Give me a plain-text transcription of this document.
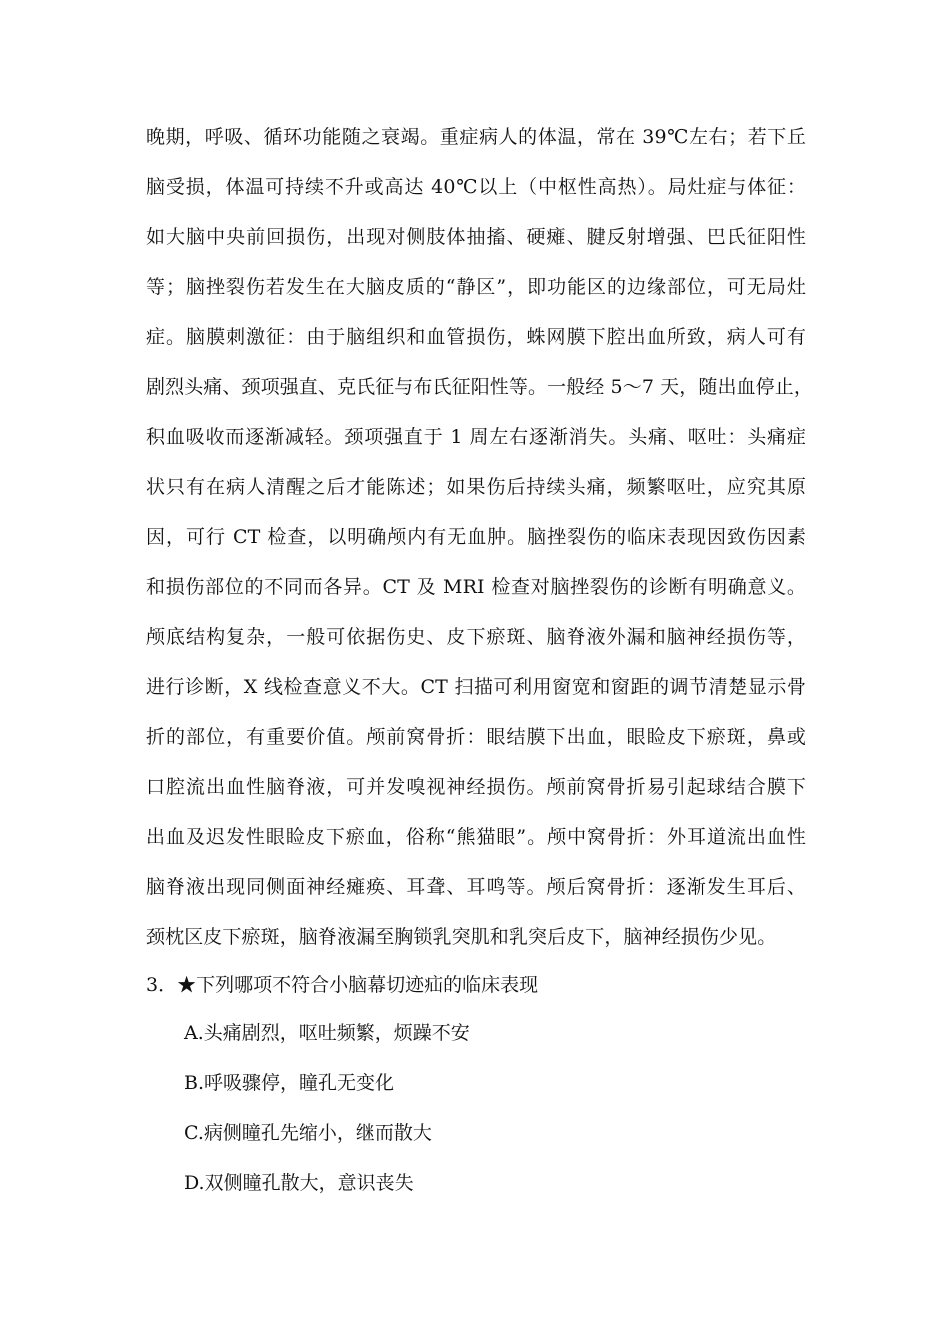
晚期，呼吸、循环功能随之衰竭。重症病人的体温，常在 39℃左右；若下丘
脑受损，体温可持续不升或高达 40℃以上（中枢性高热）。局灶症与体征：
如大脑中央前回损伤，出现对侧肢体抽搐、硬瘫、腱反射增强、巴氏征阳性
等；脑挫裂伤若发生在大脑皮质的“静区”，即功能区的边缘部位，可无局灶
症。脑膜刺激征：由于脑组织和血管损伤，蛛网膜下腔出血所致，病人可有
剧烈头痛、颈项强直、克氏征与布氏征阳性等。一般经 5～7 天，随出血停止，
积血吸收而逐渐减轻。颈项强直于 1 周左右逐渐消失。头痛、呕吐：头痛症
状只有在病人清醒之后才能陈述；如果伤后持续头痛，频繁呕吐，应究其原
因，可行 CT 检查，以明确颅内有无血肿。脑挫裂伤的临床表现因致伤因素
和损伤部位的不同而各异。CT 及 MRI 检查对脑挫裂伤的诊断有明确意义。
颅底结构复杂，一般可依据伤史、皮下瘀斑、脑脊液外漏和脑神经损伤等，
进行诊断，X 线检查意义不大。CT 扫描可利用窗宽和窗距的调节清楚显示骨
折的部位，有重要价值。颅前窝骨折：眼结膜下出血，眼睑皮下瘀斑，鼻或
口腔流出血性脑脊液，可并发嗅视神经损伤。颅前窝骨折易引起球结合膜下
出血及迟发性眼睑皮下瘀血，俗称“熊猫眼”。颅中窝骨折：外耳道流出血性
脑脊液出现同侧面神经瘫痪、耳聋、耳鸣等。颅后窝骨折：逐渐发生耳后、
颈枕区皮下瘀斑，脑脊液漏至胸锁乳突肌和乳突后皮下，脑神经损伤少见。
3．★下列哪项不符合小脑幕切迹疝的临床表现
A.头痛剧烈，呕吐频繁，烦躁不安
B.呼吸骤停，瞳孔无变化
C.病侧瞳孔先缩小，继而散大
D.双侧瞳孔散大，意识丧失
